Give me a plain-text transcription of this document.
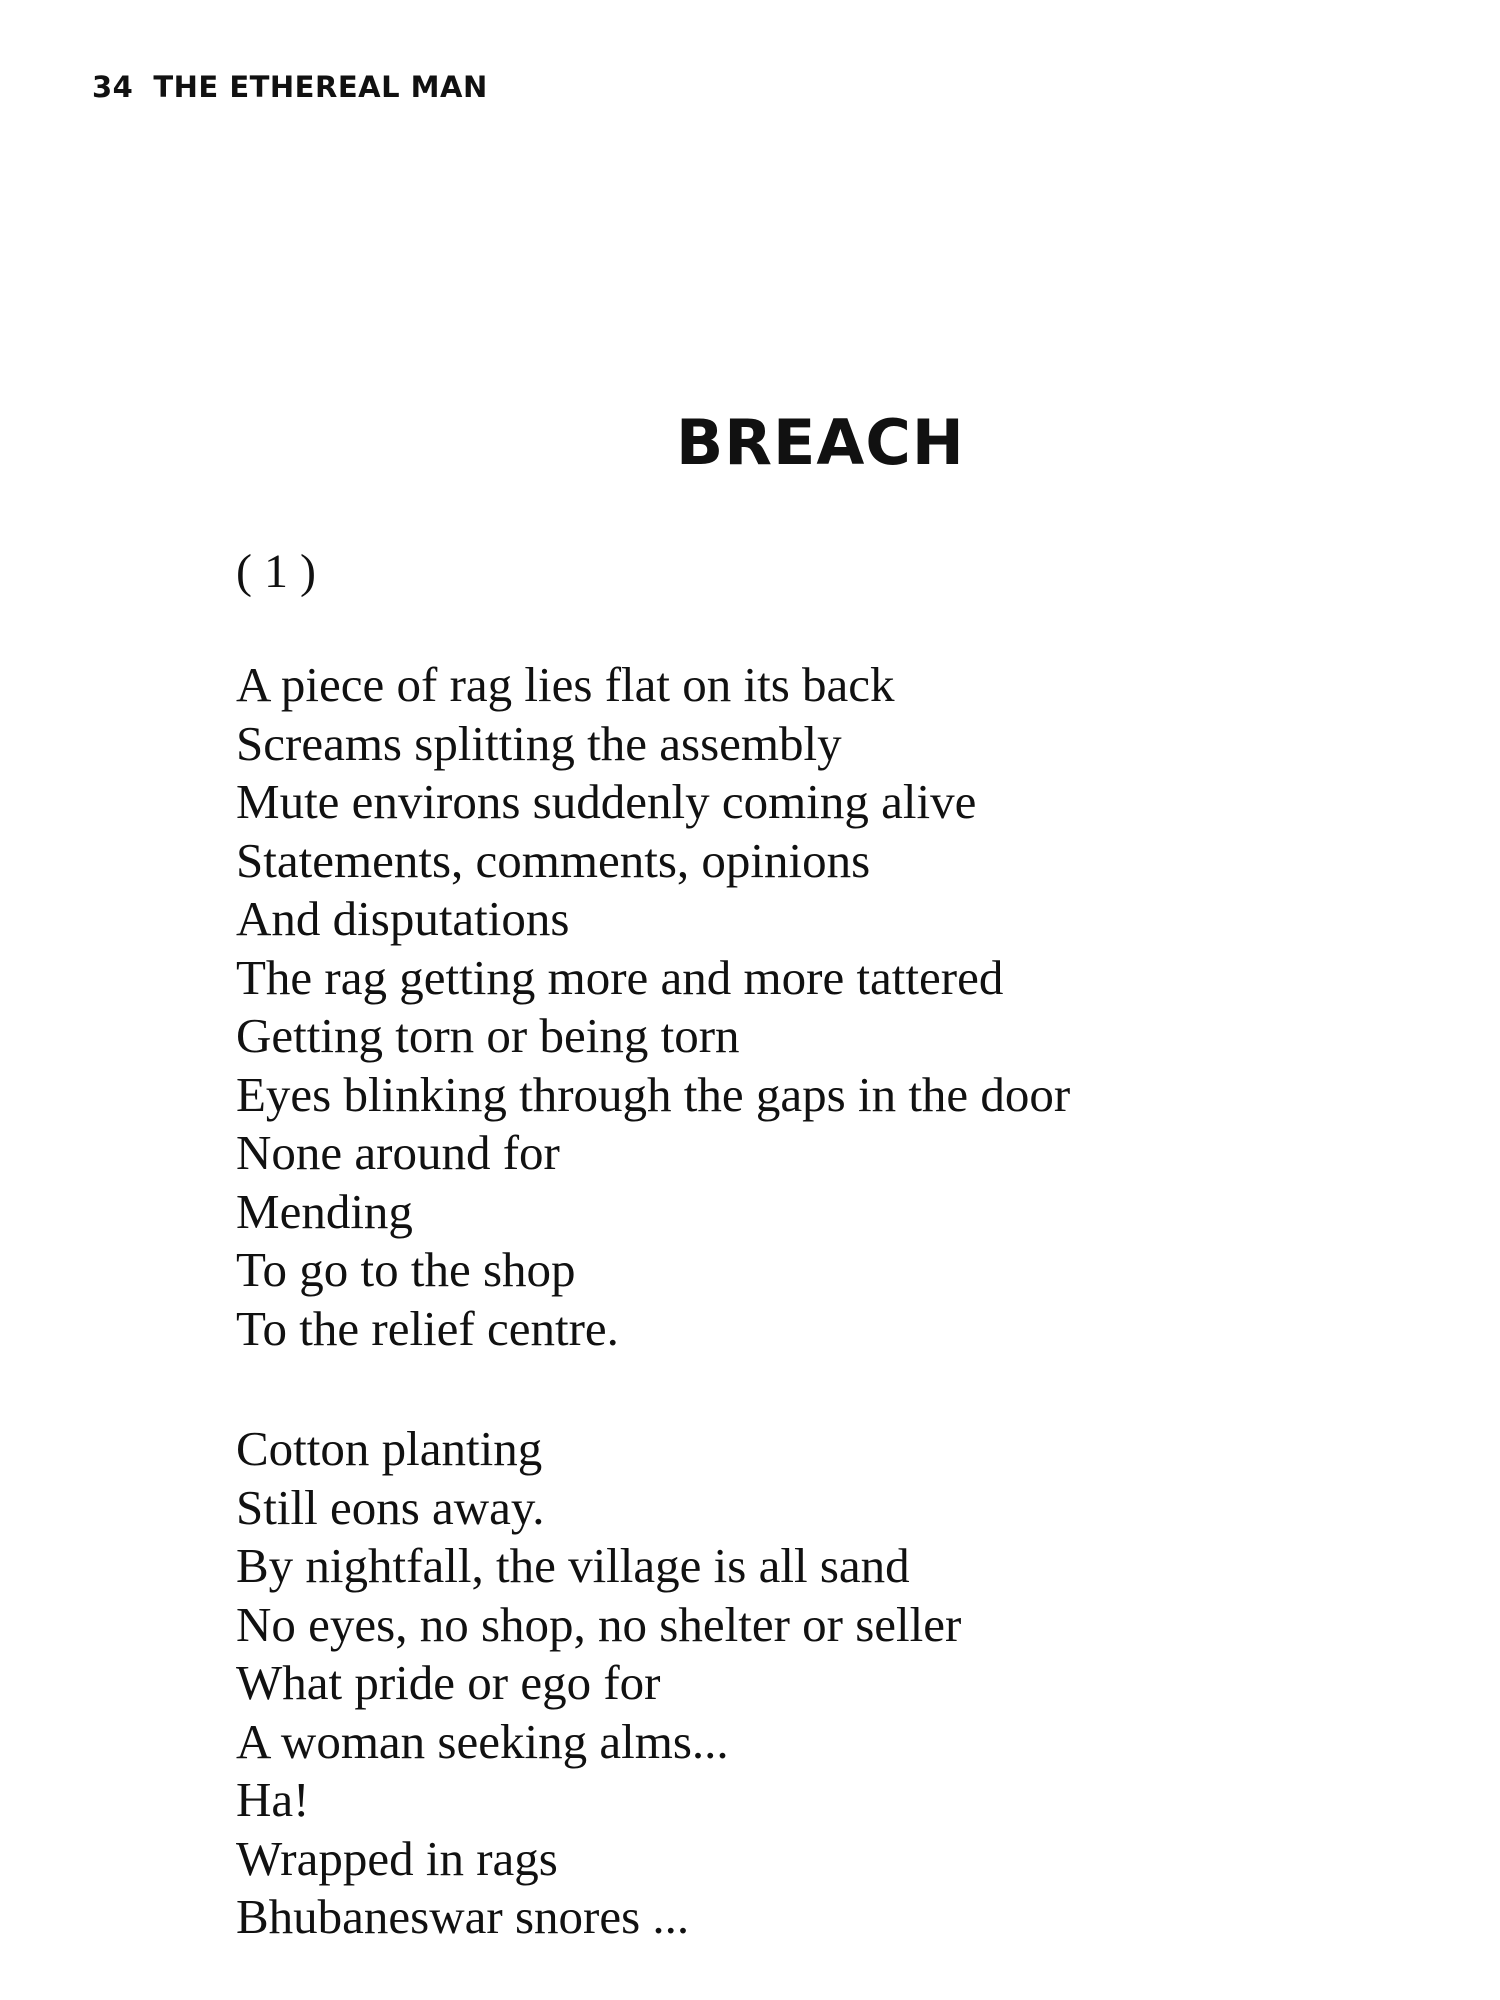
34 THE ETHEREAL MAN
BREACH
( 1 )
A piece of rag lies flat on its back
Screams splitting the assembly
Mute environs suddenly coming alive
Statements, comments, opinions
And disputations
The rag getting more and more tattered
Getting torn or being torn
Eyes blinking through the gaps in the door
None around for
Mending
To go to the shop
To the relief centre.
Cotton planting
Still eons away.
By nightfall, the village is all sand
No eyes, no shop, no shelter or seller
What pride or ego for
A woman seeking alms...
Ha!
Wrapped in rags
Bhubaneswar snores ...
